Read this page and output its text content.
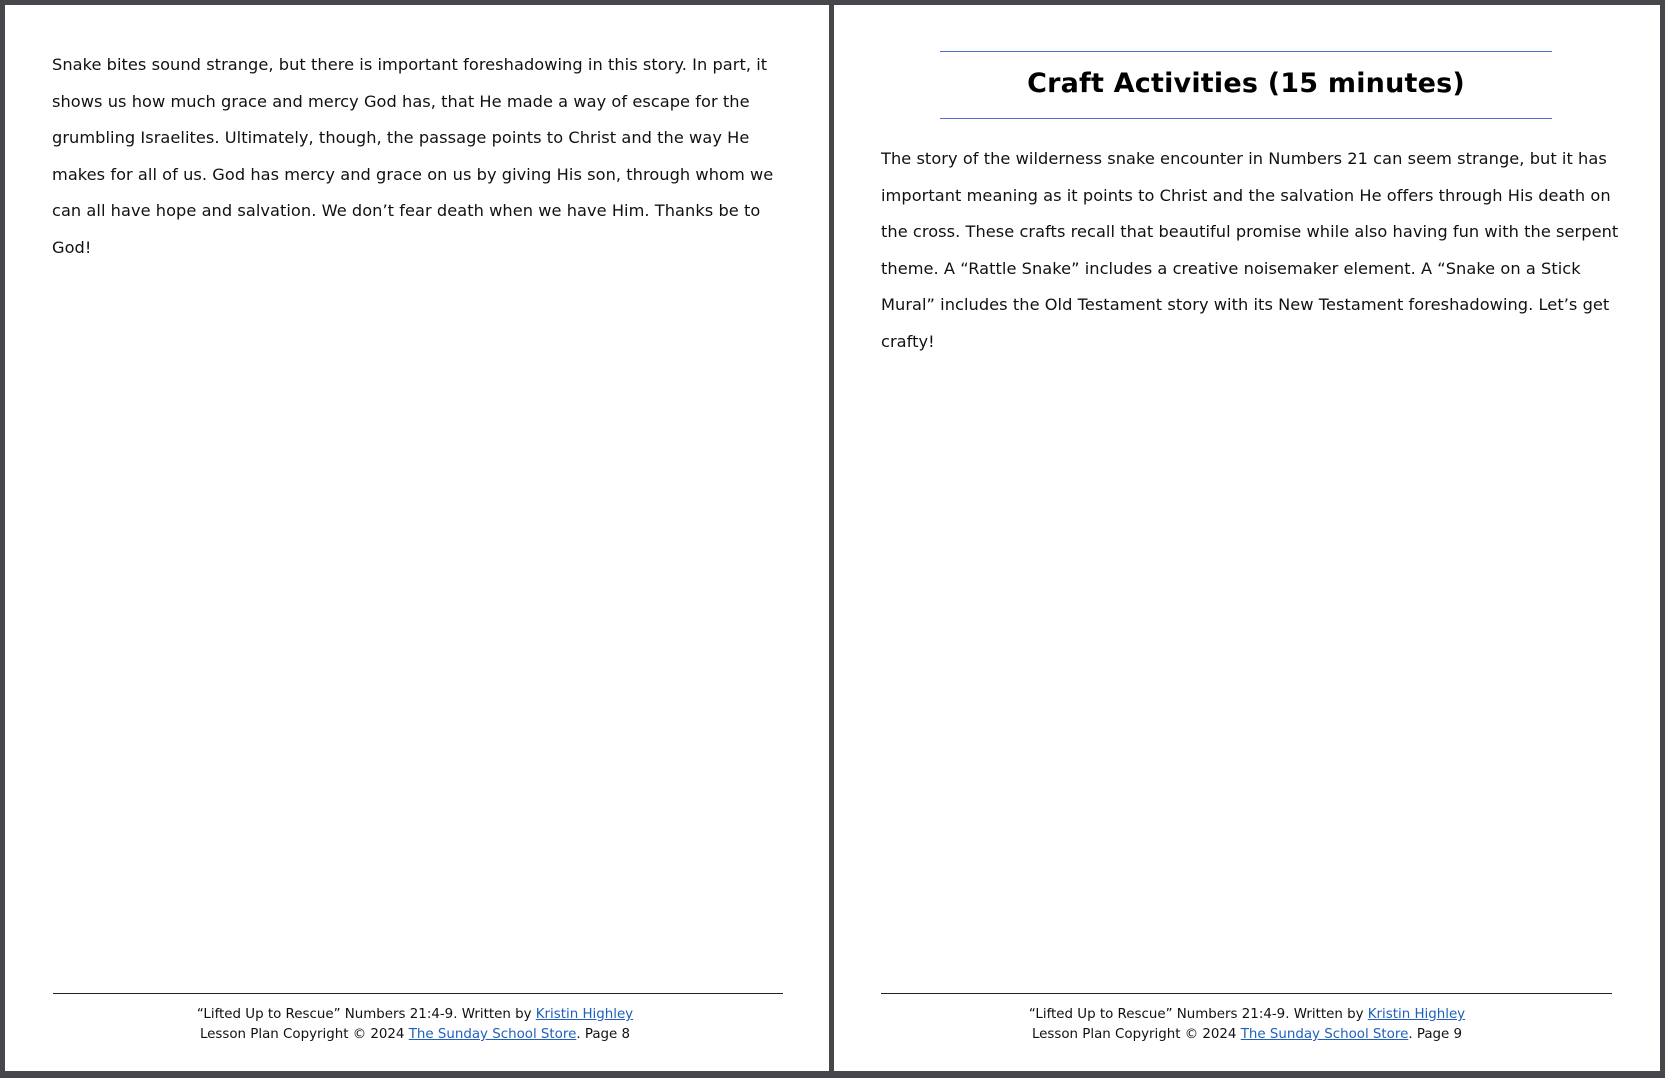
Snake bites sound strange, but there is important foreshadowing in this story. In part, it shows us how much grace and mercy God has, that He made a way of escape for the grumbling Israelites. Ultimately, though, the passage points to Christ and the way He makes for all of us. God has mercy and grace on us by giving His son, through whom we can all have hope and salvation. We don’t fear death when we have Him. Thanks be to God!

“Lifted Up to Rescue” Numbers 21:4-9. Written by Kristin Highley
Lesson Plan Copyright © 2024 The Sunday School Store. Page 8
Craft Activities (15 minutes)

The story of the wilderness snake encounter in Numbers 21 can seem strange, but it has important meaning as it points to Christ and the salvation He offers through His death on the cross. These crafts recall that beautiful promise while also having fun with the serpent theme. A “Rattle Snake” includes a creative noisemaker element. A “Snake on a Stick Mural” includes the Old Testament story with its New Testament foreshadowing. Let’s get crafty!

“Lifted Up to Rescue” Numbers 21:4-9. Written by Kristin Highley
Lesson Plan Copyright © 2024 The Sunday School Store. Page 9
